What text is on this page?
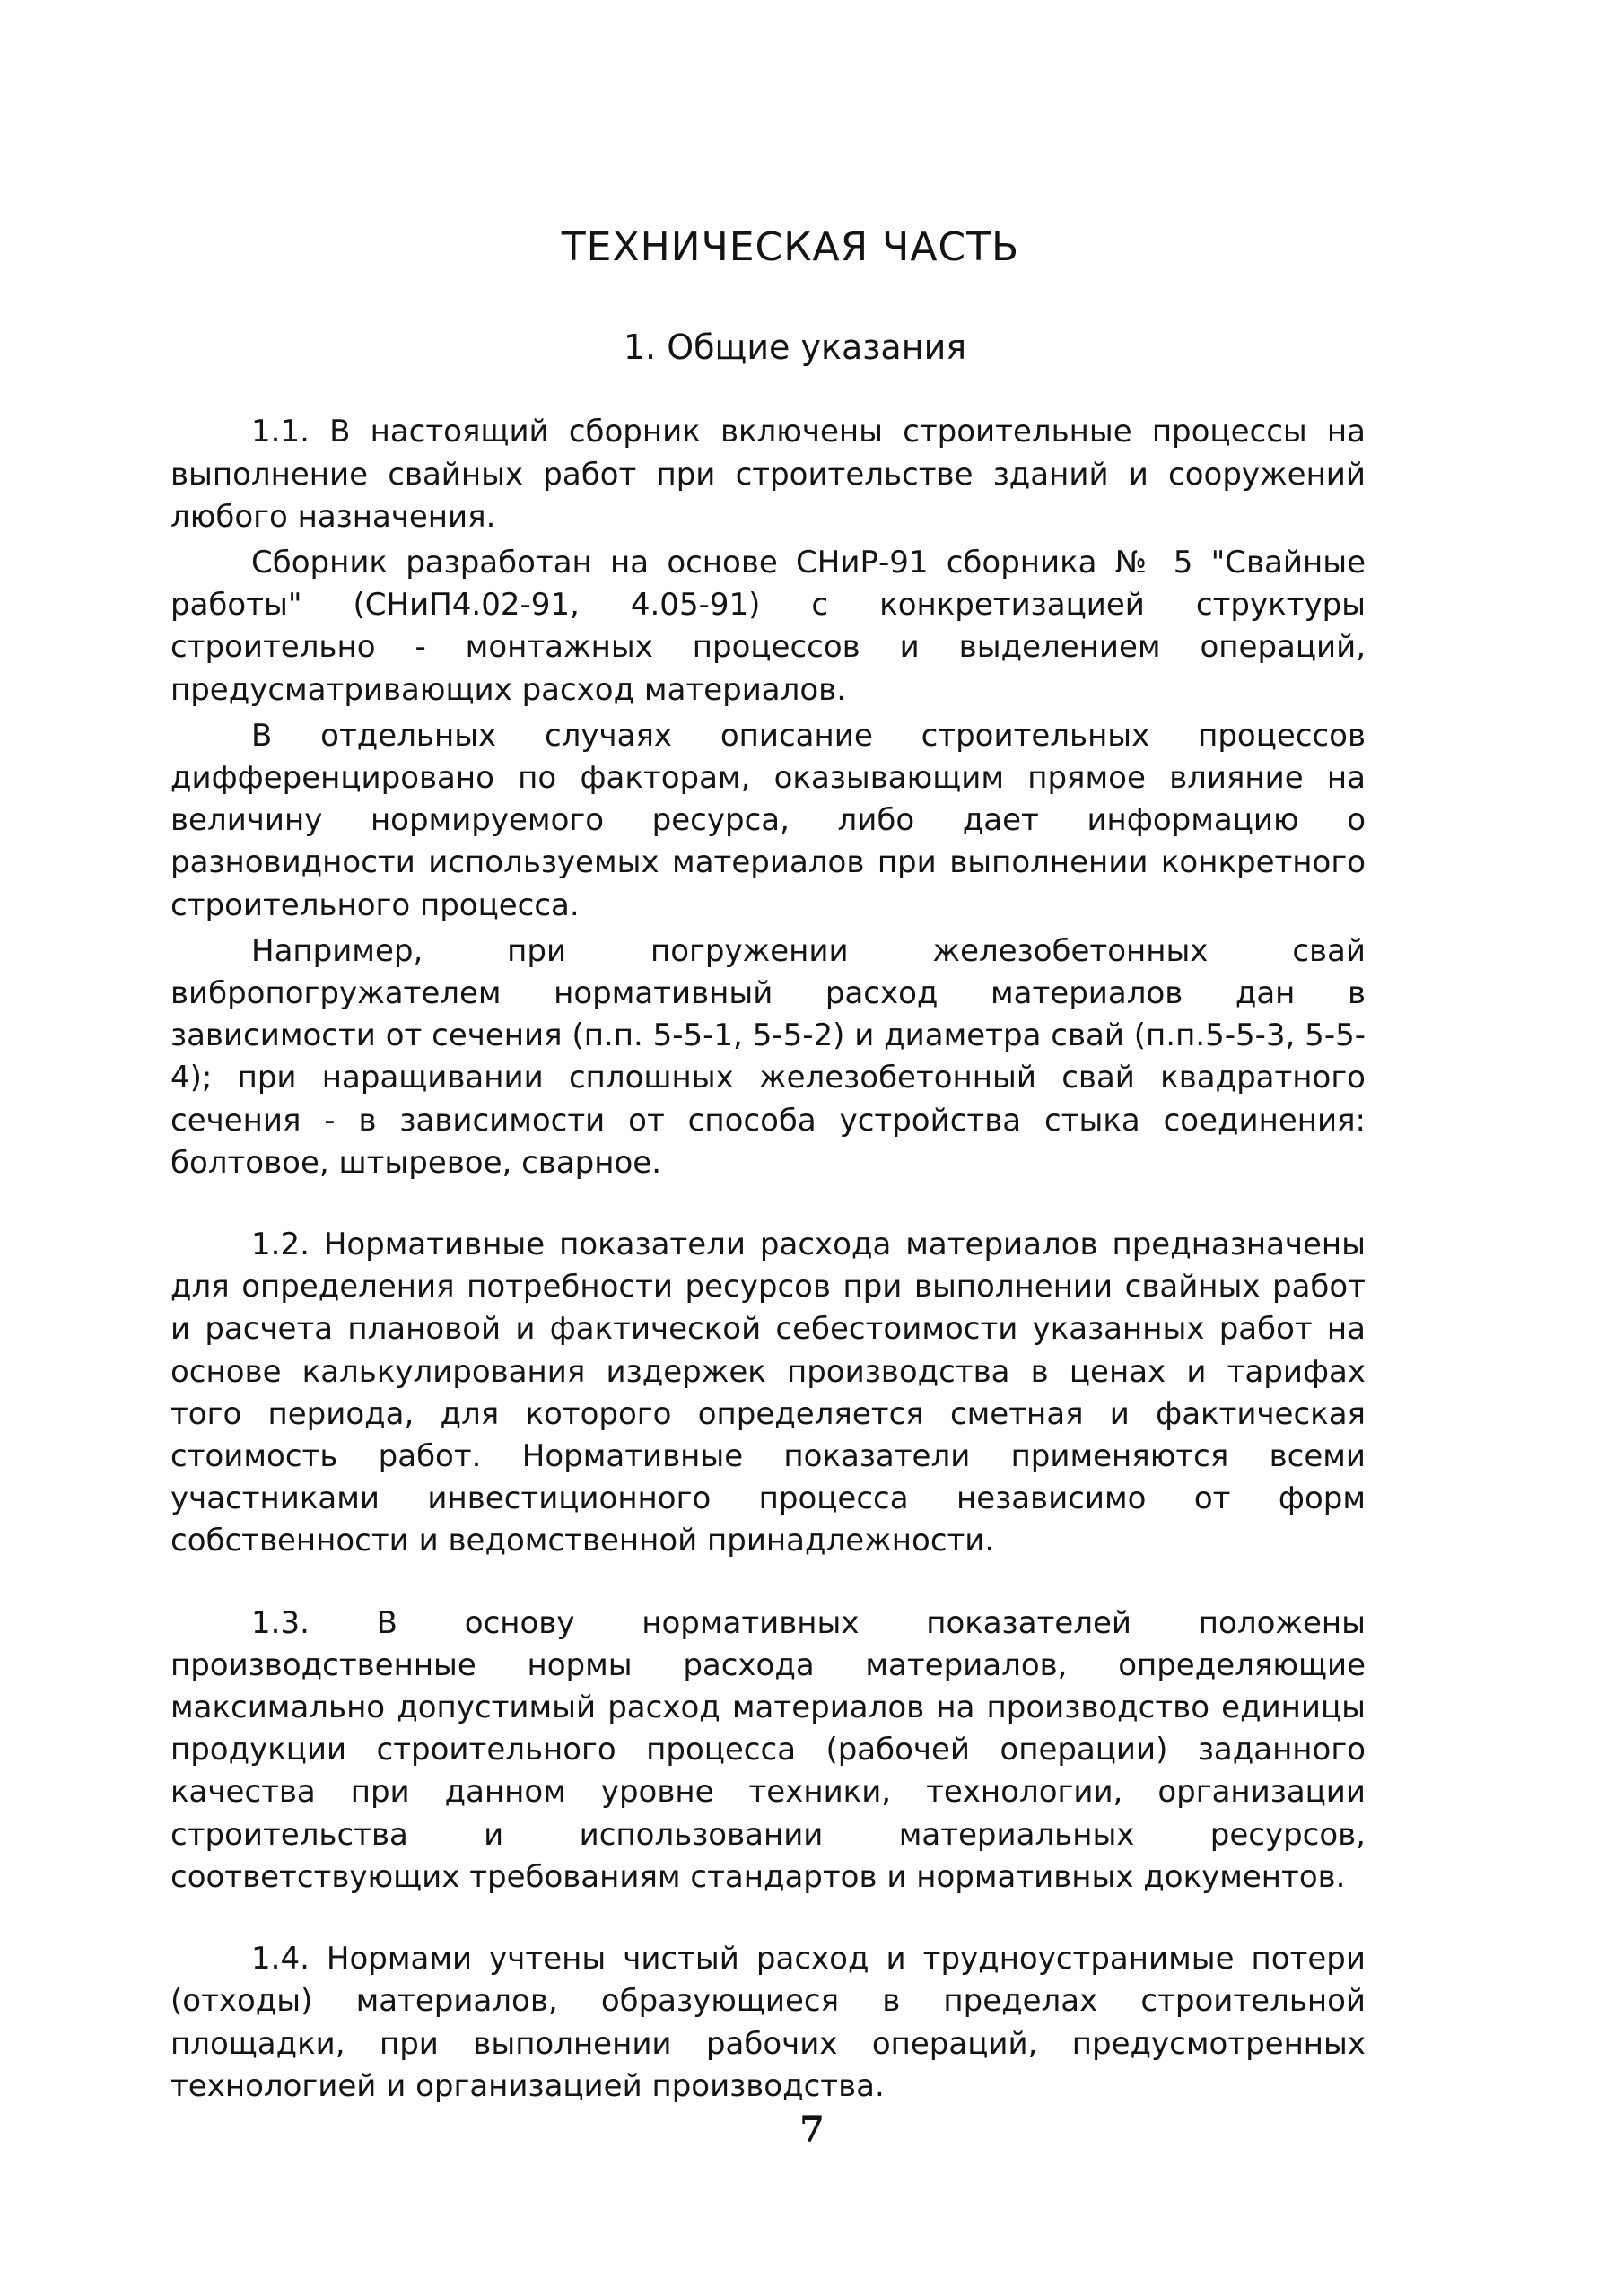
ТЕХНИЧЕСКАЯ ЧАСТЬ
1. Общие указания

1.1. В настоящий сборник включены строительные процессы на выполнение свайных работ при строительстве зданий и сооружений любого назначения.

Сборник разработан на основе СНиР-91 сборника № 5 "Свайные работы" (СНиП4.02-91, 4.05-91) с конкретизацией структуры строительно - монтажных процессов и выделением операций, предусматривающих расход материалов.

В отдельных случаях описание строительных процессов дифференцировано по факторам, оказывающим прямое влияние на величину нормируемого ресурса, либо дает информацию о разновидности используемых материалов при выполнении конкретного строительного процесса.

Например, при погружении железобетонных свай вибропогружателем нормативный расход материалов дан в зависимости от сечения (п.п. 5-5-1, 5-5-2) и диаметра свай (п.п.5-5-3, 5-5-4); при наращивании сплошных железобетонный свай квадратного сечения - в зависимости от способа устройства стыка соединения: болтовое, штыревое, сварное.

1.2. Нормативные показатели расхода материалов предназначены для определения потребности ресурсов при выполнении свайных работ и расчета плановой и фактической себестоимости указанных работ на основе калькулирования издержек производства в ценах и тарифах того периода, для которого определяется сметная и фактическая стоимость работ. Нормативные показатели применяются всеми участниками инвестиционного процесса независимо от форм собственности и ведомственной принадлежности.

1.3. В основу нормативных показателей положены производственные нормы расхода материалов, определяющие максимально допустимый расход материалов на производство единицы продукции строительного процесса (рабочей операции) заданного качества при данном уровне техники, технологии, организации строительства и использовании материальных ресурсов, соответствующих требованиям стандартов и нормативных документов.

1.4. Нормами учтены чистый расход и трудноустранимые потери (отходы) материалов, образующиеся в пределах строительной площадки, при выполнении рабочих операций, предусмотренных технологией и организацией производства.

7
